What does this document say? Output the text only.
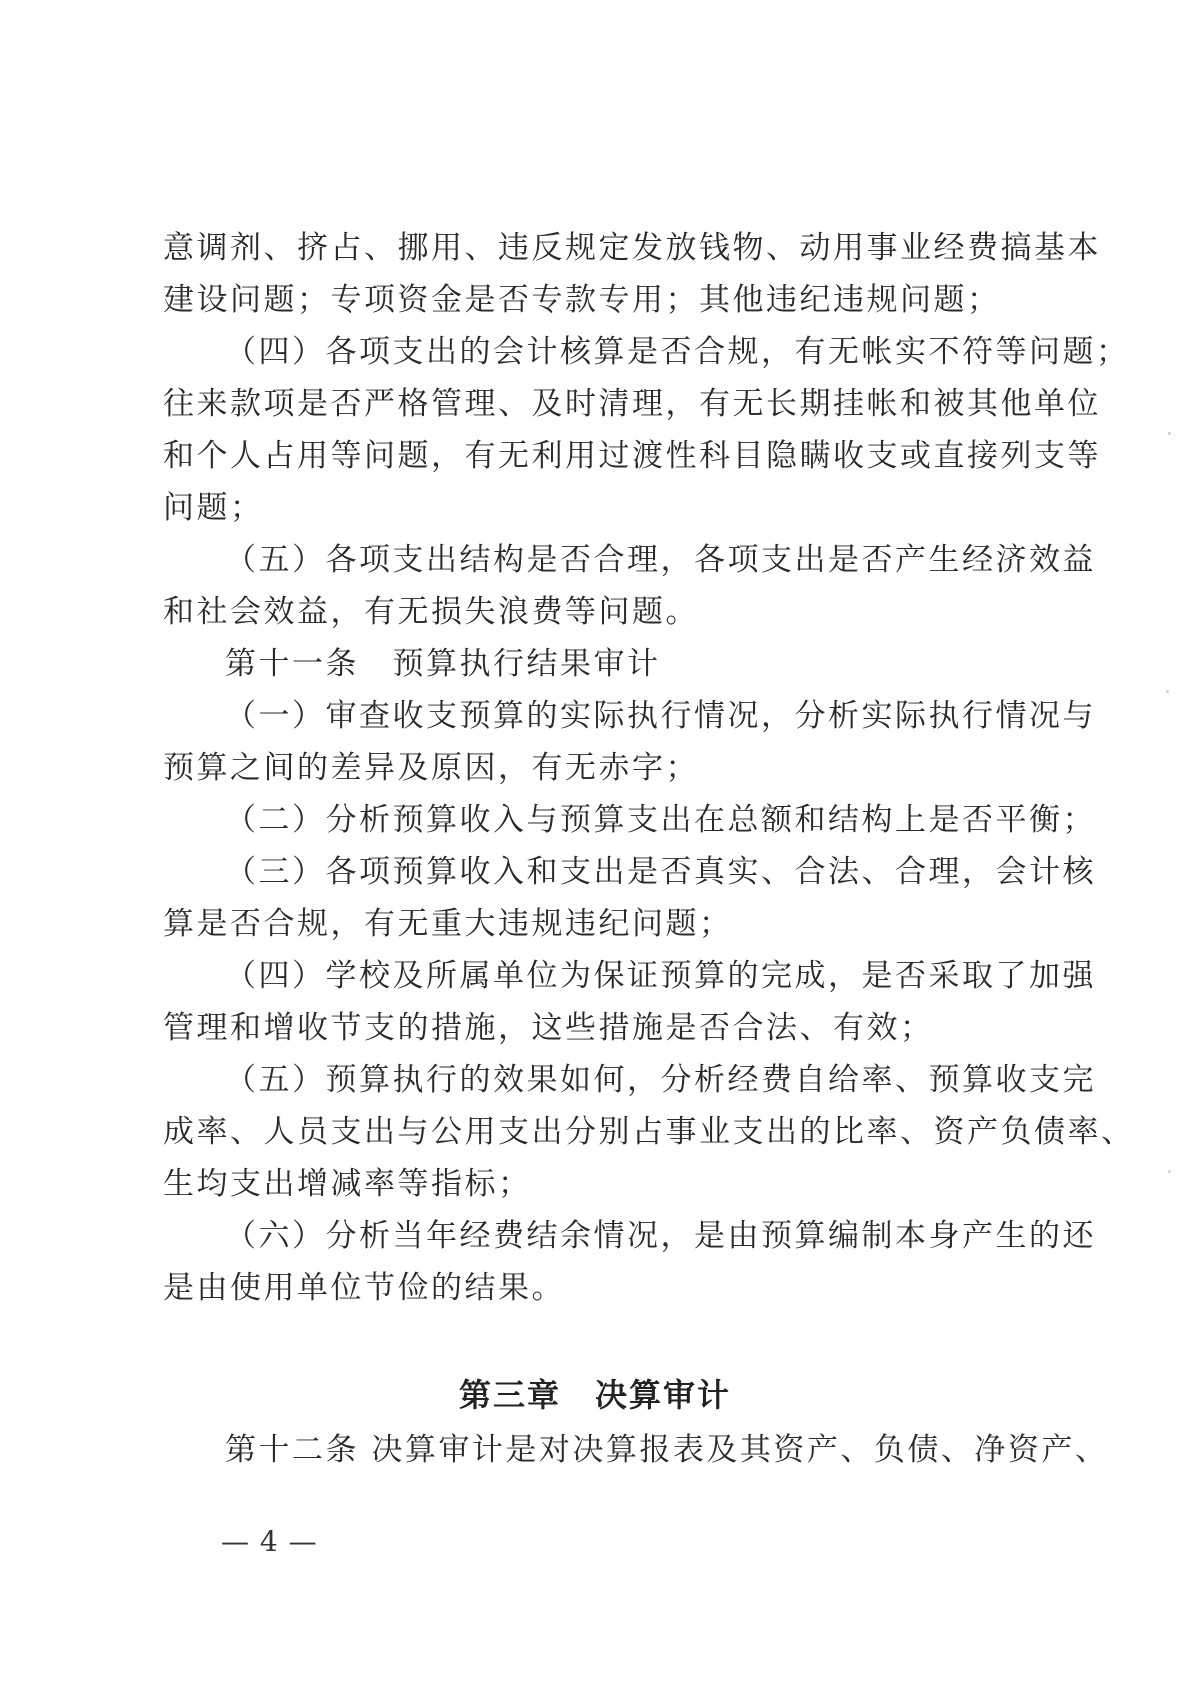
意调剂、挤占、挪用、违反规定发放钱物、动用事业经费搞基本
建设问题；专项资金是否专款专用；其他违纪违规问题；
（四）各项支出的会计核算是否合规，有无帐实不符等问题；
往来款项是否严格管理、及时清理，有无长期挂帐和被其他单位
和个人占用等问题，有无利用过渡性科目隐瞒收支或直接列支等
问题；
（五）各项支出结构是否合理，各项支出是否产生经济效益
和社会效益，有无损失浪费等问题。
第十一条　预算执行结果审计
（一）审查收支预算的实际执行情况，分析实际执行情况与
预算之间的差异及原因，有无赤字；
（二）分析预算收入与预算支出在总额和结构上是否平衡；
（三）各项预算收入和支出是否真实、合法、合理，会计核
算是否合规，有无重大违规违纪问题；
（四）学校及所属单位为保证预算的完成，是否采取了加强
管理和增收节支的措施，这些措施是否合法、有效；
（五）预算执行的效果如何，分析经费自给率、预算收支完
成率、人员支出与公用支出分别占事业支出的比率、资产负债率、
生均支出增减率等指标；
（六）分析当年经费结余情况，是由预算编制本身产生的还
是由使用单位节俭的结果。
第三章　决算审计
第十二条 决算审计是对决算报表及其资产、负债、净资产、
— 4 —
